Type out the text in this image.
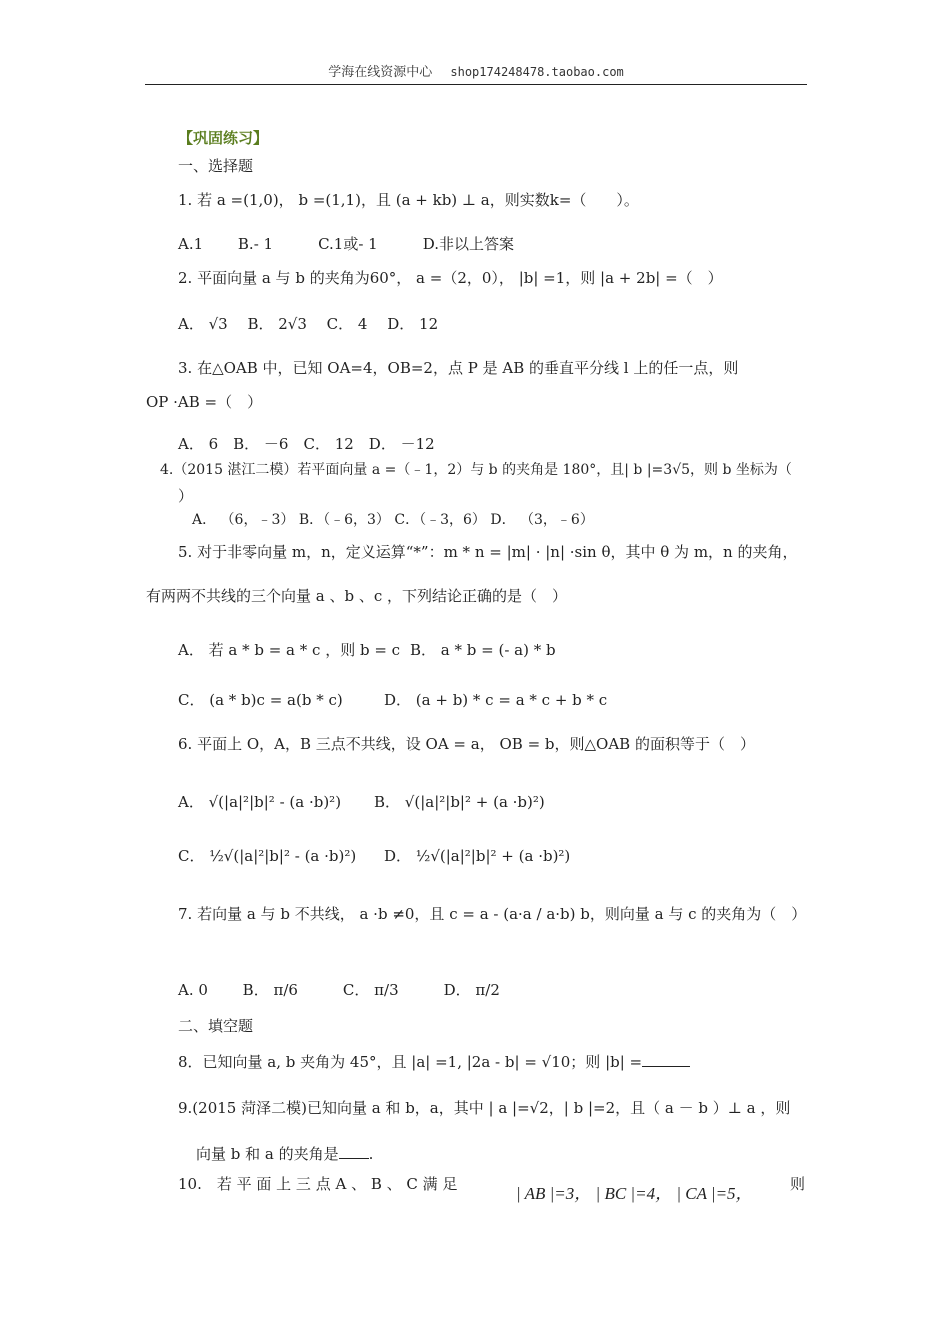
学海在线资源中心 shop174248478.taobao.com
【巩固练习】
一、选择题
1. 若 a =(1,0)， b =(1,1)，且 (a + kb) ⊥ a，则实数k=（　　）。
A.1　　 B.- 1　　　C.1或- 1　　　D.非以上答案
2. 平面向量 a 与 b 的夹角为60°， a =（2，0）， |b| =1，则 |a + 2b| =（　）
A． √3　 B． 2√3　 C． 4　 D． 12
3. 在△OAB 中，已知 OA=4，OB=2，点 P 是 AB 的垂直平分线 l 上的任一点，则
OP ·AB =（　）
A． 6　B． －6　C． 12　D． －12
4.（2015 湛江二模）若平面向量 a =（﹣1，2）与 b 的夹角是 180°，且| b |=3√5，则 b 坐标为（
）
A． （6，﹣3） B．（﹣6，3） C．（﹣3，6） D． （3，﹣6）
5. 对于非零向量 m，n，定义运算“*”：m * n = |m| · |n| ·sin θ，其中 θ 为 m，n 的夹角，
有两两不共线的三个向量 a 、b 、c ，下列结论正确的是（　）
A． 若 a * b = a * c ，则 b = c B． a * b = (- a) * b
C． (a * b)c = a(b * c)	D． (a + b) * c = a * c + b * c
6. 平面上 O，A，B 三点不共线，设 OA = a， OB = b，则△OAB 的面积等于（　）
A． √(|a|²|b|² - (a ·b)²) B． √(|a|²|b|² + (a ·b)²)
C． ½√(|a|²|b|² - (a ·b)²) D． ½√(|a|²|b|² + (a ·b)²)
7. 若向量 a 与 b 不共线， a ·b ≠0，且 c = a - (a·a / a·b) b，则向量 a 与 c 的夹角为（　）
A. 0　　 B． π/6　　　C． π/3　　　D． π/2
二、填空题
8．已知向量 a, b 夹角为 45°，且 |a| =1, |2a - b| = √10；则 |b| =
9.(2015 菏泽二模)已知向量 a 和 b，a，其中 | a |=√2，| b |=2，且（ a － b ）⊥ a ，则
向量 b 和 a 的夹角是 .
10.　若 平 面 上 三 点 A 、 B 、 C 满 足	| AB |=3， | BC |=4， | CA |=5， 则
